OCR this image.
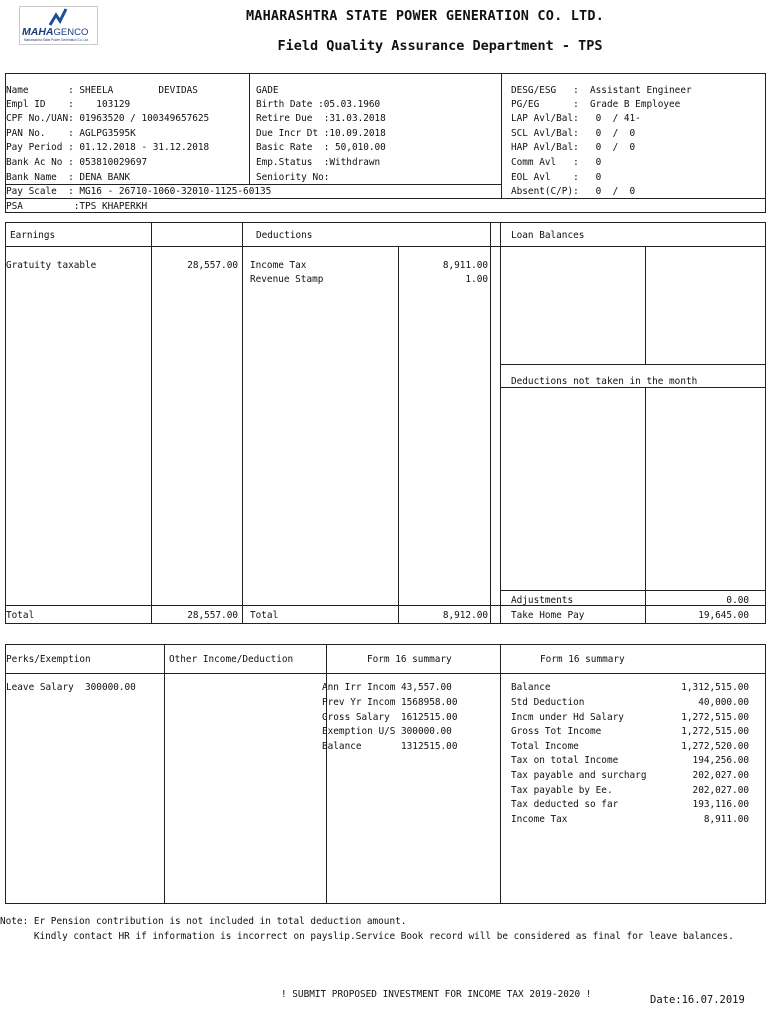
MAHAGENCO
Maharashtra State Power Generation Co. Ltd.
MAHARASHTRA STATE POWER GENERATION CO. LTD.
Field Quality Assurance Department - TPS
Name       : SHEELA        DEVIDAS
Empl ID    :    103129
CPF No./UAN: 01963520 / 100349657625
PAN No.    : AGLPG3595K
Pay Period : 01.12.2018 - 31.12.2018
Bank Ac No : 053810029697
Bank Name  : DENA BANK
GADE
Birth Date :05.03.1960
Retire Due  :31.03.2018
Due Incr Dt :10.09.2018
Basic Rate  : 50,010.00
Emp.Status  :Withdrawn
Seniority No:
DESG/ESG   :  Assistant Engineer
PG/EG      :  Grade B Employee
LAP Avl/Bal:   0  / 41-
SCL Avl/Bal:   0  /  0
HAP Avl/Bal:   0  /  0
Comm Avl   :   0
EOL Avl    :   0
Pay Scale  : MG16 - 26710-1060-32010-1125-60135	Absent(C/P):   0  /  0
PSA         :TPS KHAPERKH
Earnings	Deductions	Loan Balances
Gratuity taxable	28,557.00 Income Tax	8,911.00
Revenue Stamp	1.00
Deductions not taken in the month
Adjustments	0.00
Total	28,557.00 Total	8,912.00 Take Home Pay	19,645.00
Perks/Exemption	Other Income/Deduction	Form 16 summary	Form 16 summary
Leave Salary  300000.00	Ann Irr Incom 43,557.00
Prev Yr Incom 1568958.00
Gross Salary  1612515.00
Exemption U/S 300000.00
Balance       1312515.00
Balance	1,312,515.00
Std Deduction	40,000.00
Incm under Hd Salary	1,272,515.00
Gross Tot Income	1,272,515.00
Total Income	1,272,520.00
Tax on total Income	194,256.00
Tax payable and surcharg	202,027.00
Tax payable by Ee.	202,027.00
Tax deducted so far	193,116.00
Income Tax	8,911.00
Note: Er Pension contribution is not included in total deduction amount.
Kindly contact HR if information is incorrect on payslip.Service Book record will be considered as final for leave balances.
! SUBMIT PROPOSED INVESTMENT FOR INCOME TAX 2019-2020 !	Date:16.07.2019
